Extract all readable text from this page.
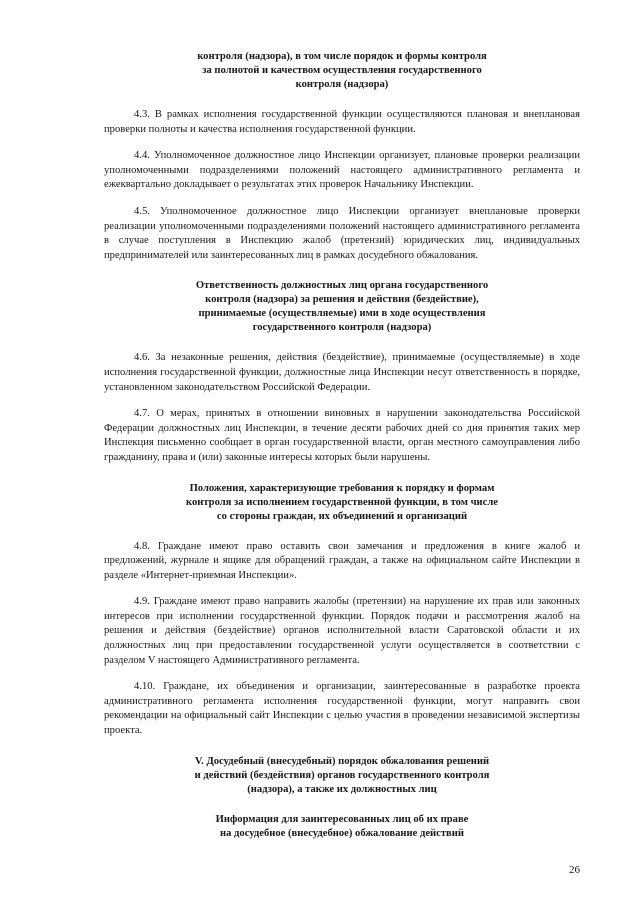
контроля (надзора), в том числе порядок и формы контроля
за полнотой и качеством осуществления государственного
контроля (надзора)

4.3. В рамках исполнения государственной функции осуществляются плановая и внеплановая проверки полноты и качества исполнения государственной функции.

4.4. Уполномоченное должностное лицо Инспекции организует, плановые проверки реализации уполномоченными подразделениями положений настоящего административного регламента и ежеквартально докладывает о результатах этих проверок Начальнику Инспекции.

4.5. Уполномоченное должностное лицо Инспекции организует внеплановые проверки реализации уполномоченными подразделениями положений настоящего административного регламента в случае поступления в Инспекцию жалоб (претензий) юридических лиц, индивидуальных предпринимателей или заинтересованных лиц в рамках досудебного обжалования.

Ответственность должностных лиц органа государственного
контроля (надзора) за решения и действия (бездействие),
принимаемые (осуществляемые) ими в ходе осуществления
государственного контроля (надзора)

4.6. За незаконные решения, действия (бездействие), принимаемые (осуществляемые) в ходе исполнения государственной функции, должностные лица Инспекции несут ответственность в порядке, установленном законодательством Российской Федерации.

4.7. О мерах, принятых в отношении виновных в нарушении законодательства Российской Федерации должностных лиц Инспекции, в течение десяти рабочих дней со дня принятия таких мер Инспекция письменно сообщает в орган государственной власти, орган местного самоуправления либо гражданину, права и (или) законные интересы которых были нарушены.

Положения, характеризующие требования к порядку и формам
контроля за исполнением государственной функции, в том числе
со стороны граждан, их объединений и организаций

4.8. Граждане имеют право оставить свои замечания и предложения в книге жалоб и предложений, журнале и ящике для обращений граждан, а также на официальном сайте Инспекции в разделе «Интернет-приемная Инспекции».

4.9. Граждане имеют право направить жалобы (претензии) на нарушение их прав или законных интересов при исполнении государственной функции. Порядок подачи и рассмотрения жалоб на решения и действия (бездействие) органов исполнительной власти Саратовской области и их должностных лиц при предоставлении государственной услуги осуществляется в соответствии с разделом V настоящего Административного регламента.

4.10. Граждане, их объединения и организации, заинтересованные в разработке проекта административного регламента исполнения государственной функции, могут направить свои рекомендации на официальный сайт Инспекции с целью участия в проведении независимой экспертизы проекта.

V. Досудебный (внесудебный) порядок обжалования решений
и действий (бездействия) органов государственного контроля
(надзора), а также их должностных лиц
Информация для заинтересованных лиц об их праве
на досудебное (внесудебное) обжалование действий
26
